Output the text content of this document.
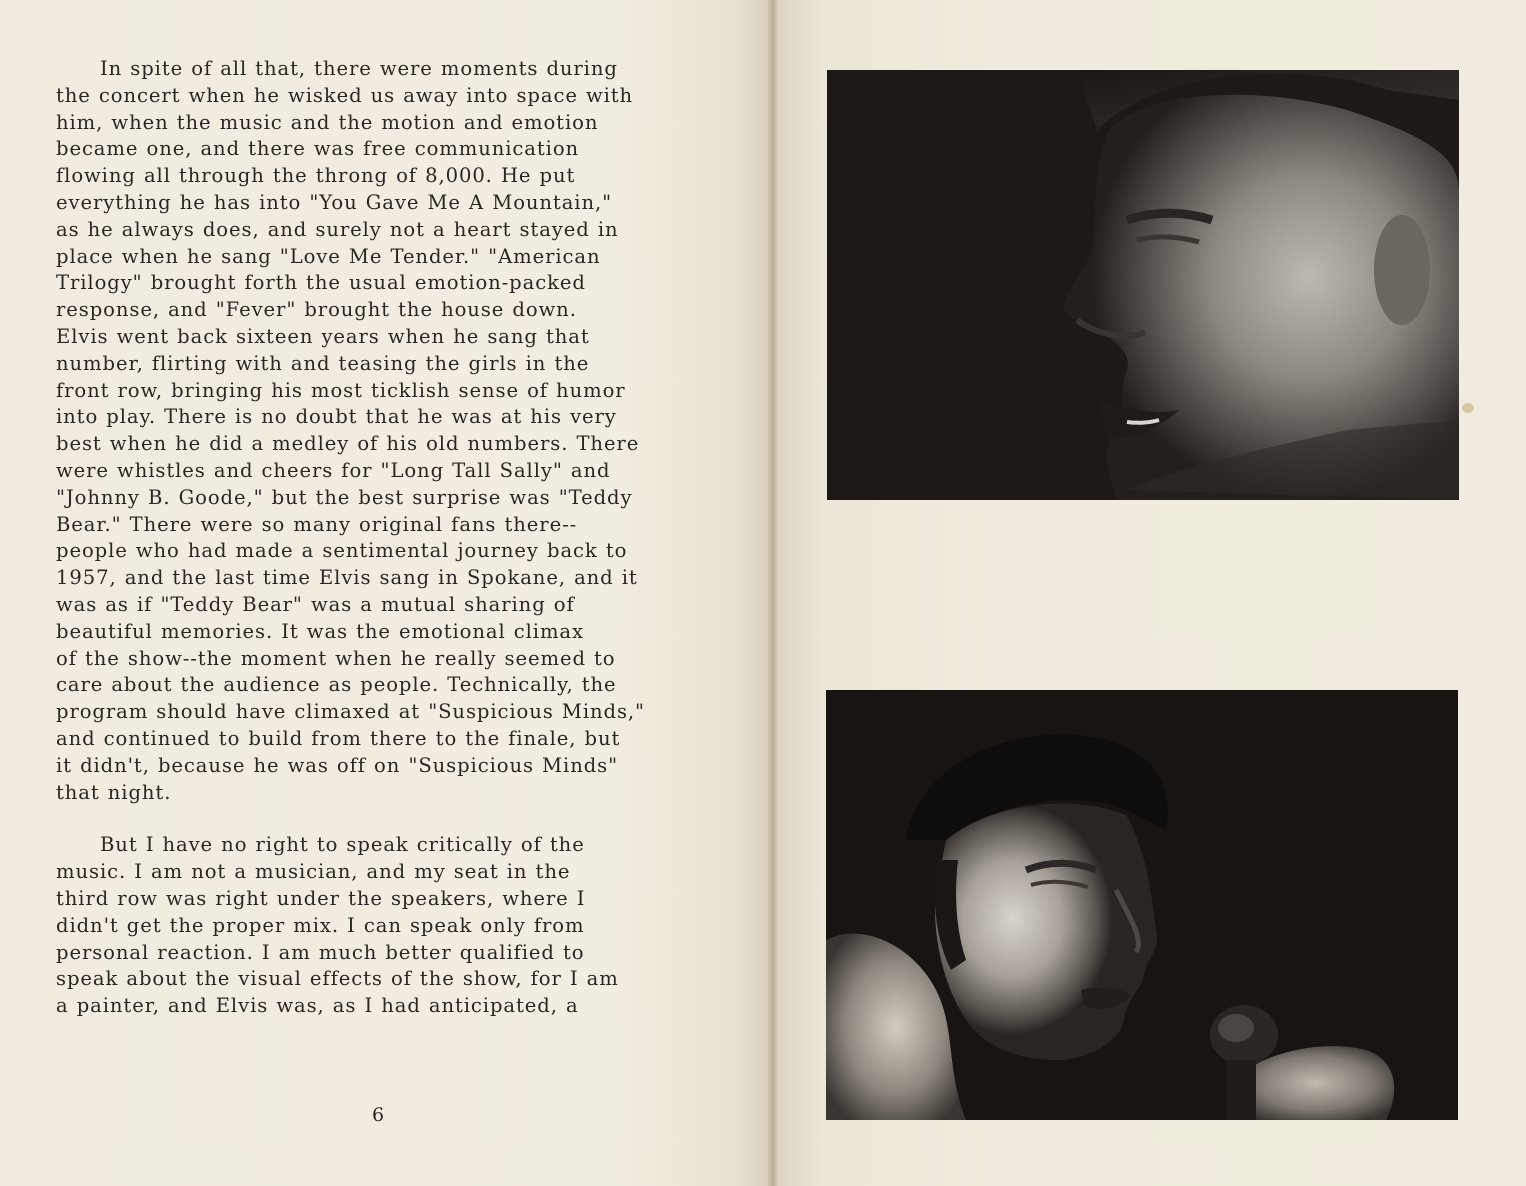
In spite of all that, there were moments during
the concert when he wisked us away into space with
him, when the music and the motion and emotion
became one, and there was free communication
flowing all through the throng of 8,000. He put
everything he has into "You Gave Me A Mountain,"
as he always does, and surely not a heart stayed in
place when he sang "Love Me Tender." "American
Trilogy" brought forth the usual emotion-packed
response, and "Fever" brought the house down.
Elvis went back sixteen years when he sang that
number, flirting with and teasing the girls in the
front row, bringing his most ticklish sense of humor
into play. There is no doubt that he was at his very
best when he did a medley of his old numbers. There
were whistles and cheers for "Long Tall Sally" and
"Johnny B. Goode," but the best surprise was "Teddy
Bear." There were so many original fans there--
people who had made a sentimental journey back to
1957, and the last time Elvis sang in Spokane, and it
was as if "Teddy Bear" was a mutual sharing of
beautiful memories. It was the emotional climax
of the show--the moment when he really seemed to
care about the audience as people. Technically, the
program should have climaxed at "Suspicious Minds,"
and continued to build from there to the finale, but
it didn't, because he was off on "Suspicious Minds"
that night.

But I have no right to speak critically of the
music. I am not a musician, and my seat in the
third row was right under the speakers, where I
didn't get the proper mix. I can speak only from
personal reaction. I am much better qualified to
speak about the visual effects of the show, for I am
a painter, and Elvis was, as I had anticipated, a

6
